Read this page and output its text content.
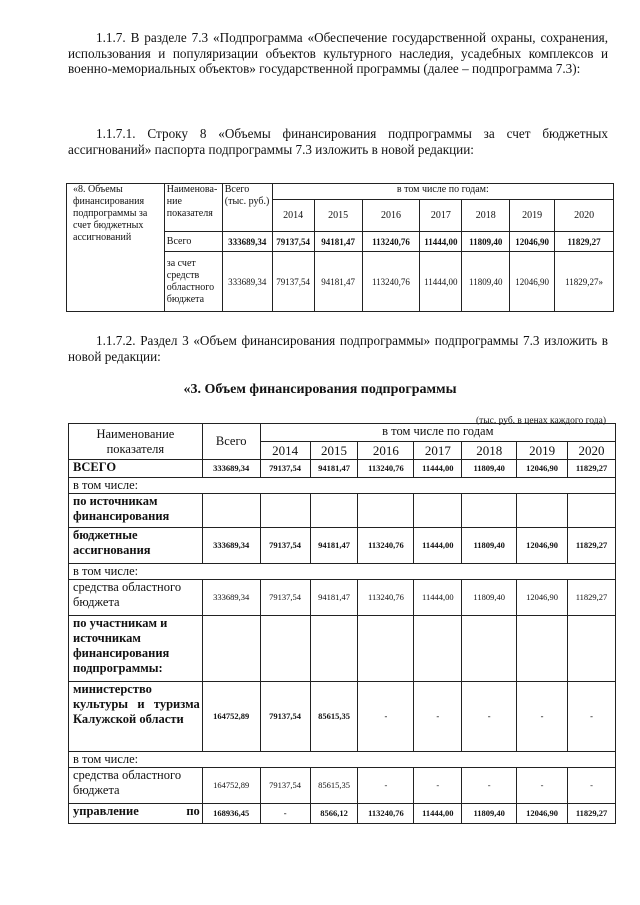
1.1.7. В разделе 7.3 «Подпрограмма «Обеспечение государственной охраны, сохранения, использования и популяризации объектов культурного наследия, усадебных комплексов и военно-мемориальных объектов» государственной программы (далее – подпрограмма 7.3):

1.1.7.1. Строку 8 «Объемы финансирования подпрограммы за счет бюджетных ассигнований» паспорта подпрограммы 7.3 изложить в новой редакции:

«8. Объемы финансирования подпрограммы за счет бюджетных ассигнований	Наименова-ние показателя	Всего (тыс. руб.)	в том числе по годам:						
			2014	2015	2016	2017	2018	2019	2020
	Всего	333689,34	79137,54	94181,47	113240,76	11444,00	11809,40	12046,90	11829,27
	за счет средств областного бюджета	333689,34	79137,54	94181,47	113240,76	11444,00	11809,40	12046,90	11829,27»

1.1.7.2. Раздел 3 «Объем финансирования подпрограммы» подпрограммы 7.3 изложить в новой редакции:

«3. Объем финансирования подпрограммы
(тыс. руб. в ценах каждого года)
Наименование показателя	Всего	в том числе по годам						
		2014	2015	2016	2017	2018	2019	2020
ВСЕГО	333689,34	79137,54	94181,47	113240,76	11444,00	11809,40	12046,90	11829,27
в том числе:								
по источникам финансирования								
бюджетные ассигнования	333689,34	79137,54	94181,47	113240,76	11444,00	11809,40	12046,90	11829,27
в том числе:								
средства областного бюджета	333689,34	79137,54	94181,47	113240,76	11444,00	11809,40	12046,90	11829,27
по участникам и источникам финансирования подпрограммы:								
министерство культуры и туризма Калужской области	164752,89	79137,54	85615,35	-	-	-	-	-
в том числе:								
средства областного бюджета	164752,89	79137,54	85615,35	-	-	-	-	-
управление по	168936,45	-	8566,12	113240,76	11444,00	11809,40	12046,90	11829,27
